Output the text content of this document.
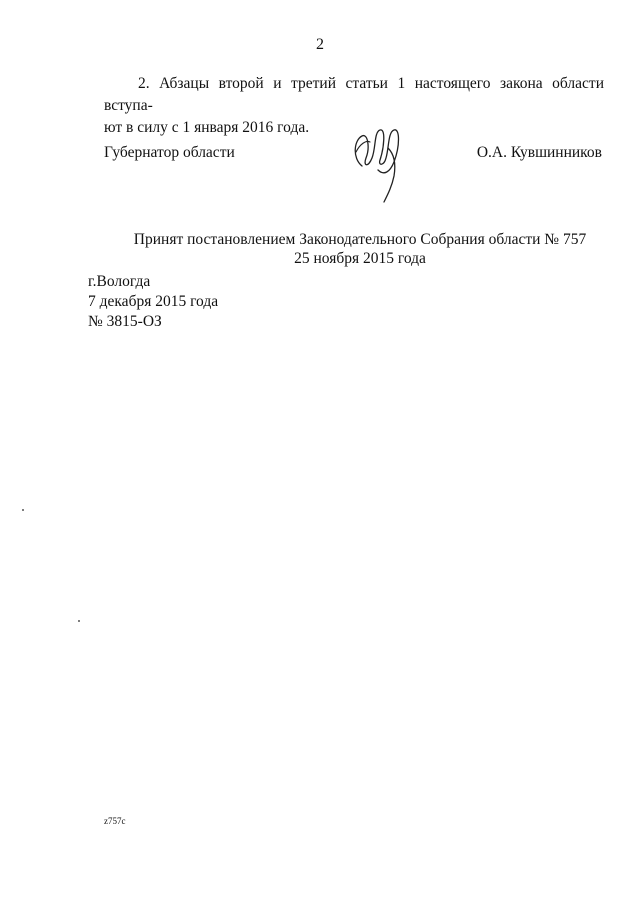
2
2. Абзацы второй и третий статьи 1 настоящего закона области вступа-
ют в силу с 1 января 2016 года.
Губернатор области	О.А. Кувшинников
Принят постановлением Законодательного Собрания области № 757
25 ноября 2015 года
г.Вологда
7 декабря 2015 года
№ 3815-ОЗ
z757c
